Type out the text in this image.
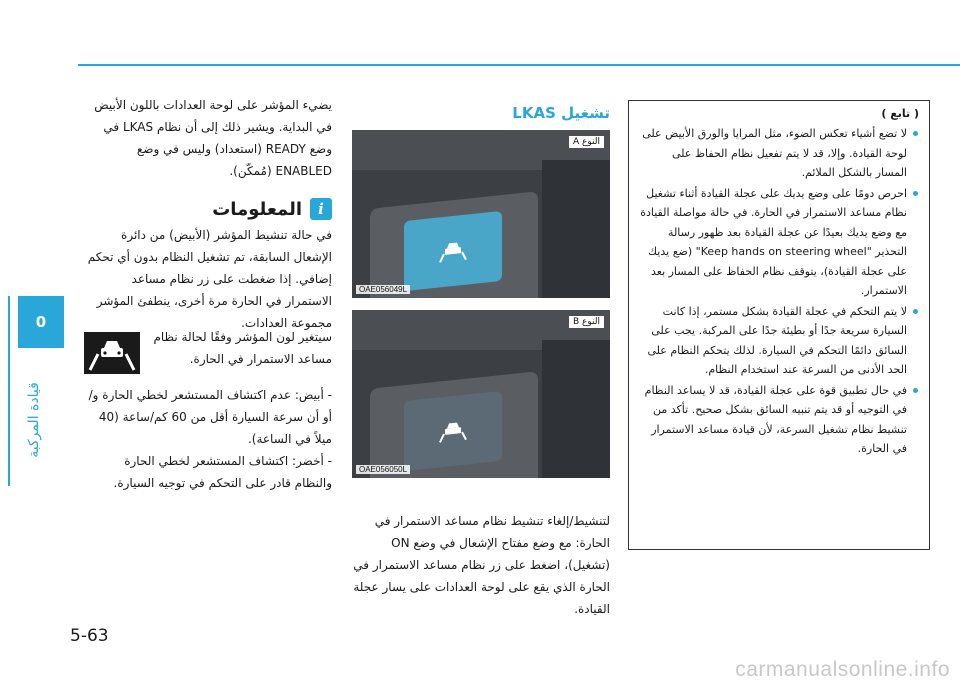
0
قيادة المركبة
( تابع )
لا تضع أشياء تعكس الضوء، مثل المرايا والورق الأبيض على لوحة القيادة. وإلا، قد لا يتم تفعيل نظام الحفاظ على المسار بالشكل الملائم.
احرص دومًا على وضع يديك على عجلة القيادة أثناء تشغيل نظام مساعد الاستمرار في الحارة. في حالة مواصلة القيادة مع وضع يديك بعيدًا عن عجلة القيادة بعد ظهور رسالة التحذير "Keep hands on steering wheel" (ضع يديك على عجلة القيادة)، يتوقف نظام الحفاظ على المسار بعد الاستمرار.
لا يتم التحكم في عجلة القيادة بشكل مستمر، إذا كانت السيارة سريعة جدًا أو بطيئة جدًا على المركبة. يجب على السائق دائمًا التحكم في السيارة. لذلك يتحكم النظام على الحد الأدنى من السرعة عند استخدام النظام.
في حال تطبيق قوة على عجلة القيادة، قد لا يساعد النظام في التوجيه أو قد يتم تنبيه السائق بشكل صحيح. تأكد من تنشيط نظام تشغيل السرعة، لأن قيادة مساعد الاستمرار في الحارة.
تشغيل LKAS
النوع A
OAE056049L
النوع B
OAE056050L
لتنشيط/إلغاء تنشيط نظام مساعد الاستمرار في الحارة: مع وضع مفتاح الإشعال في وضع ON (تشغيل)، اضغط على زر نظام مساعد الاستمرار في الحارة الذي يقع على لوحة العدادات على يسار عجلة القيادة.
يضيء المؤشر على لوحة العدادات باللون الأبيض في البداية. ويشير ذلك إلى أن نظام LKAS في وضع READY (استعداد) وليس في وضع ENABLED (مُمكّن).
i
المعلومات
في حالة تنشيط المؤشر (الأبيض) من دائرة الإشعال السابقة، تم تشغيل النظام بدون أي تحكم إضافي. إذا ضغطت على زر نظام مساعد الاستمرار في الحارة مرة أخرى، ينطفئ المؤشر مجموعة العدادات.
سيتغير لون المؤشر وفقًا لحالة نظام مساعد الاستمرار في الحارة.
- أبيض: عدم اكتشاف المستشعر لخطي الحارة و/أو أن سرعة السيارة أقل من 60 كم/ساعة (40 ميلاً في الساعة).
- أخضر: اكتشاف المستشعر لخطي الحارة والنظام قادر على التحكم في توجيه السيارة.
5-63
carmanualsonline.info
